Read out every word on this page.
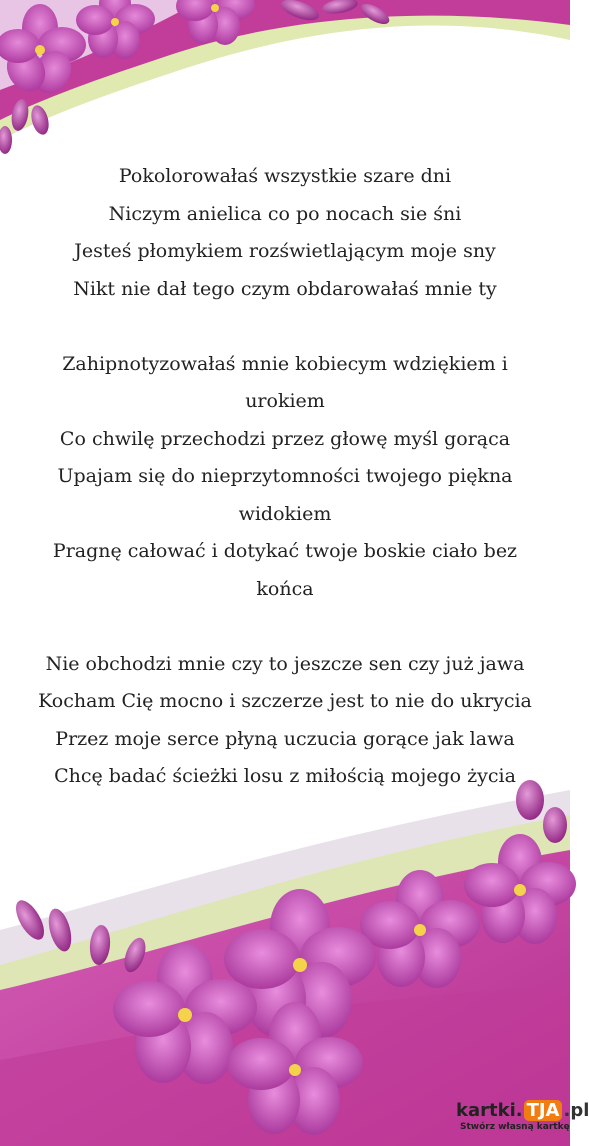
Pokolorowałaś wszystkie szare dni
Niczym anielica co po nocach sie śni
Jesteś płomykiem rozświetlającym moje sny
Nikt nie dał tego czym obdarowałaś mnie ty
Zahipnotyzowałaś mnie kobiecym wdziękiem i
urokiem
Co chwilę przechodzi przez głowę myśl gorąca
Upajam się do nieprzytomności twojego piękna
widokiem
Pragnę całować i dotykać twoje boskie ciało bez
końca
Nie obchodzi mnie czy to jeszcze sen czy już jawa
Kocham Cię mocno i szczerze jest to nie do ukrycia
Przez moje serce płyną uczucia gorące jak lawa
Chcę badać ścieżki losu z miłością mojego życia
kartki. TJA .pl
Stwórz własną kartkę
